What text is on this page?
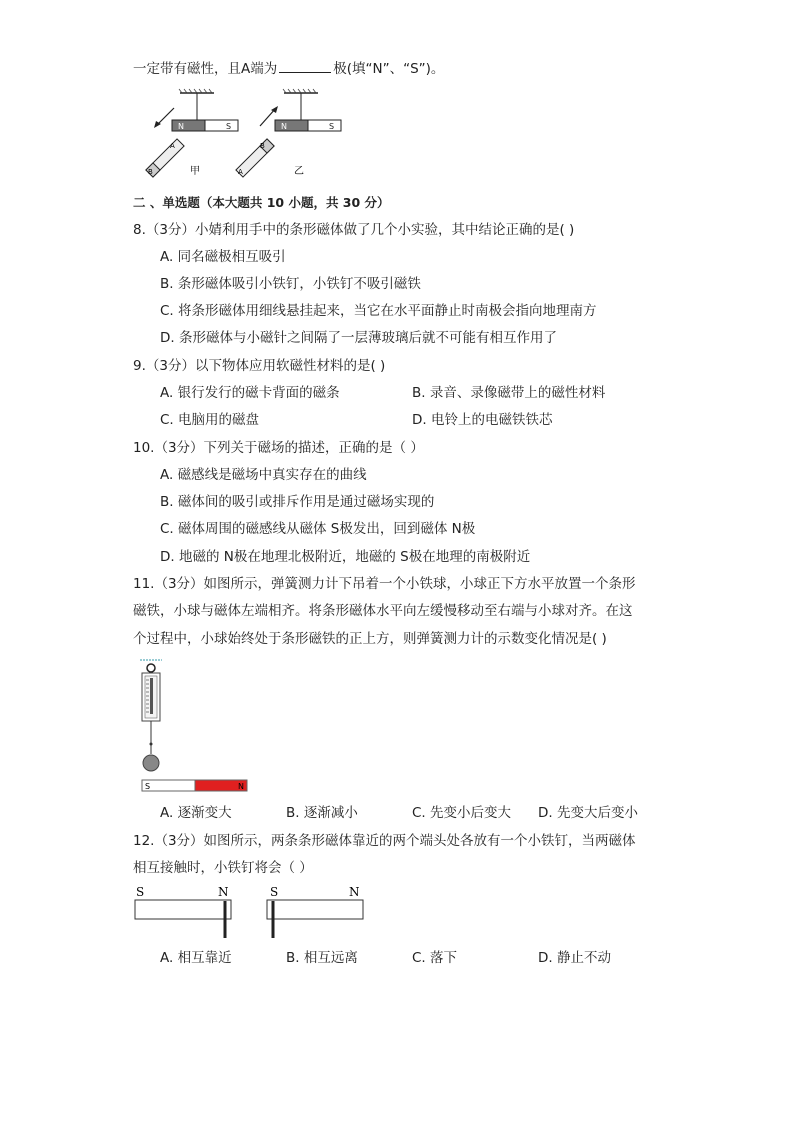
一定带有磁性，且A端为	极(填“N”、“S”)。
N	S
B
A
甲
N	S
A
B
乙
二 、单选题（本大题共 10 小题，共 30 分）
8.（3分）小婧利用手中的条形磁体做了几个小实验，其中结论正确的是( )
A. 同名磁极相互吸引
B. 条形磁体吸引小铁钉，小铁钉不吸引磁铁
C. 将条形磁体用细线悬挂起来，当它在水平面静止时南极会指向地理南方
D. 条形磁体与小磁针之间隔了一层薄玻璃后就不可能有相互作用了
9.（3分）以下物体应用软磁性材料的是( )
A. 银行发行的磁卡背面的磁条	B. 录音、录像磁带上的磁性材料
C. 电脑用的磁盘	D. 电铃上的电磁铁铁芯
10.（3分）下列关于磁场的描述，正确的是（ ）
A. 磁感线是磁场中真实存在的曲线
B. 磁体间的吸引或排斥作用是通过磁场实现的
C. 磁体周围的磁感线从磁体 S极发出，回到磁体 N极
D. 地磁的 N极在地理北极附近，地磁的 S极在地理的南极附近
11.（3分）如图所示，弹簧测力计下吊着一个小铁球，小球正下方水平放置一个条形
磁铁，小球与磁体左端相齐。将条形磁体水平向左缓慢移动至右端与小球对齐。在这
个过程中，小球始终处于条形磁铁的正上方，则弹簧测力计的示数变化情况是( )
S	N
A. 逐渐变大	B. 逐渐减小	C. 先变小后变大 D. 先变大后变小
12.（3分）如图所示，两条条形磁体靠近的两个端头处各放有一个小铁钉，当两磁体
相互接触时，小铁钉将会（ ）
S	N	S	N
A. 相互靠近	B. 相互远离	C. 落下	D. 静止不动
